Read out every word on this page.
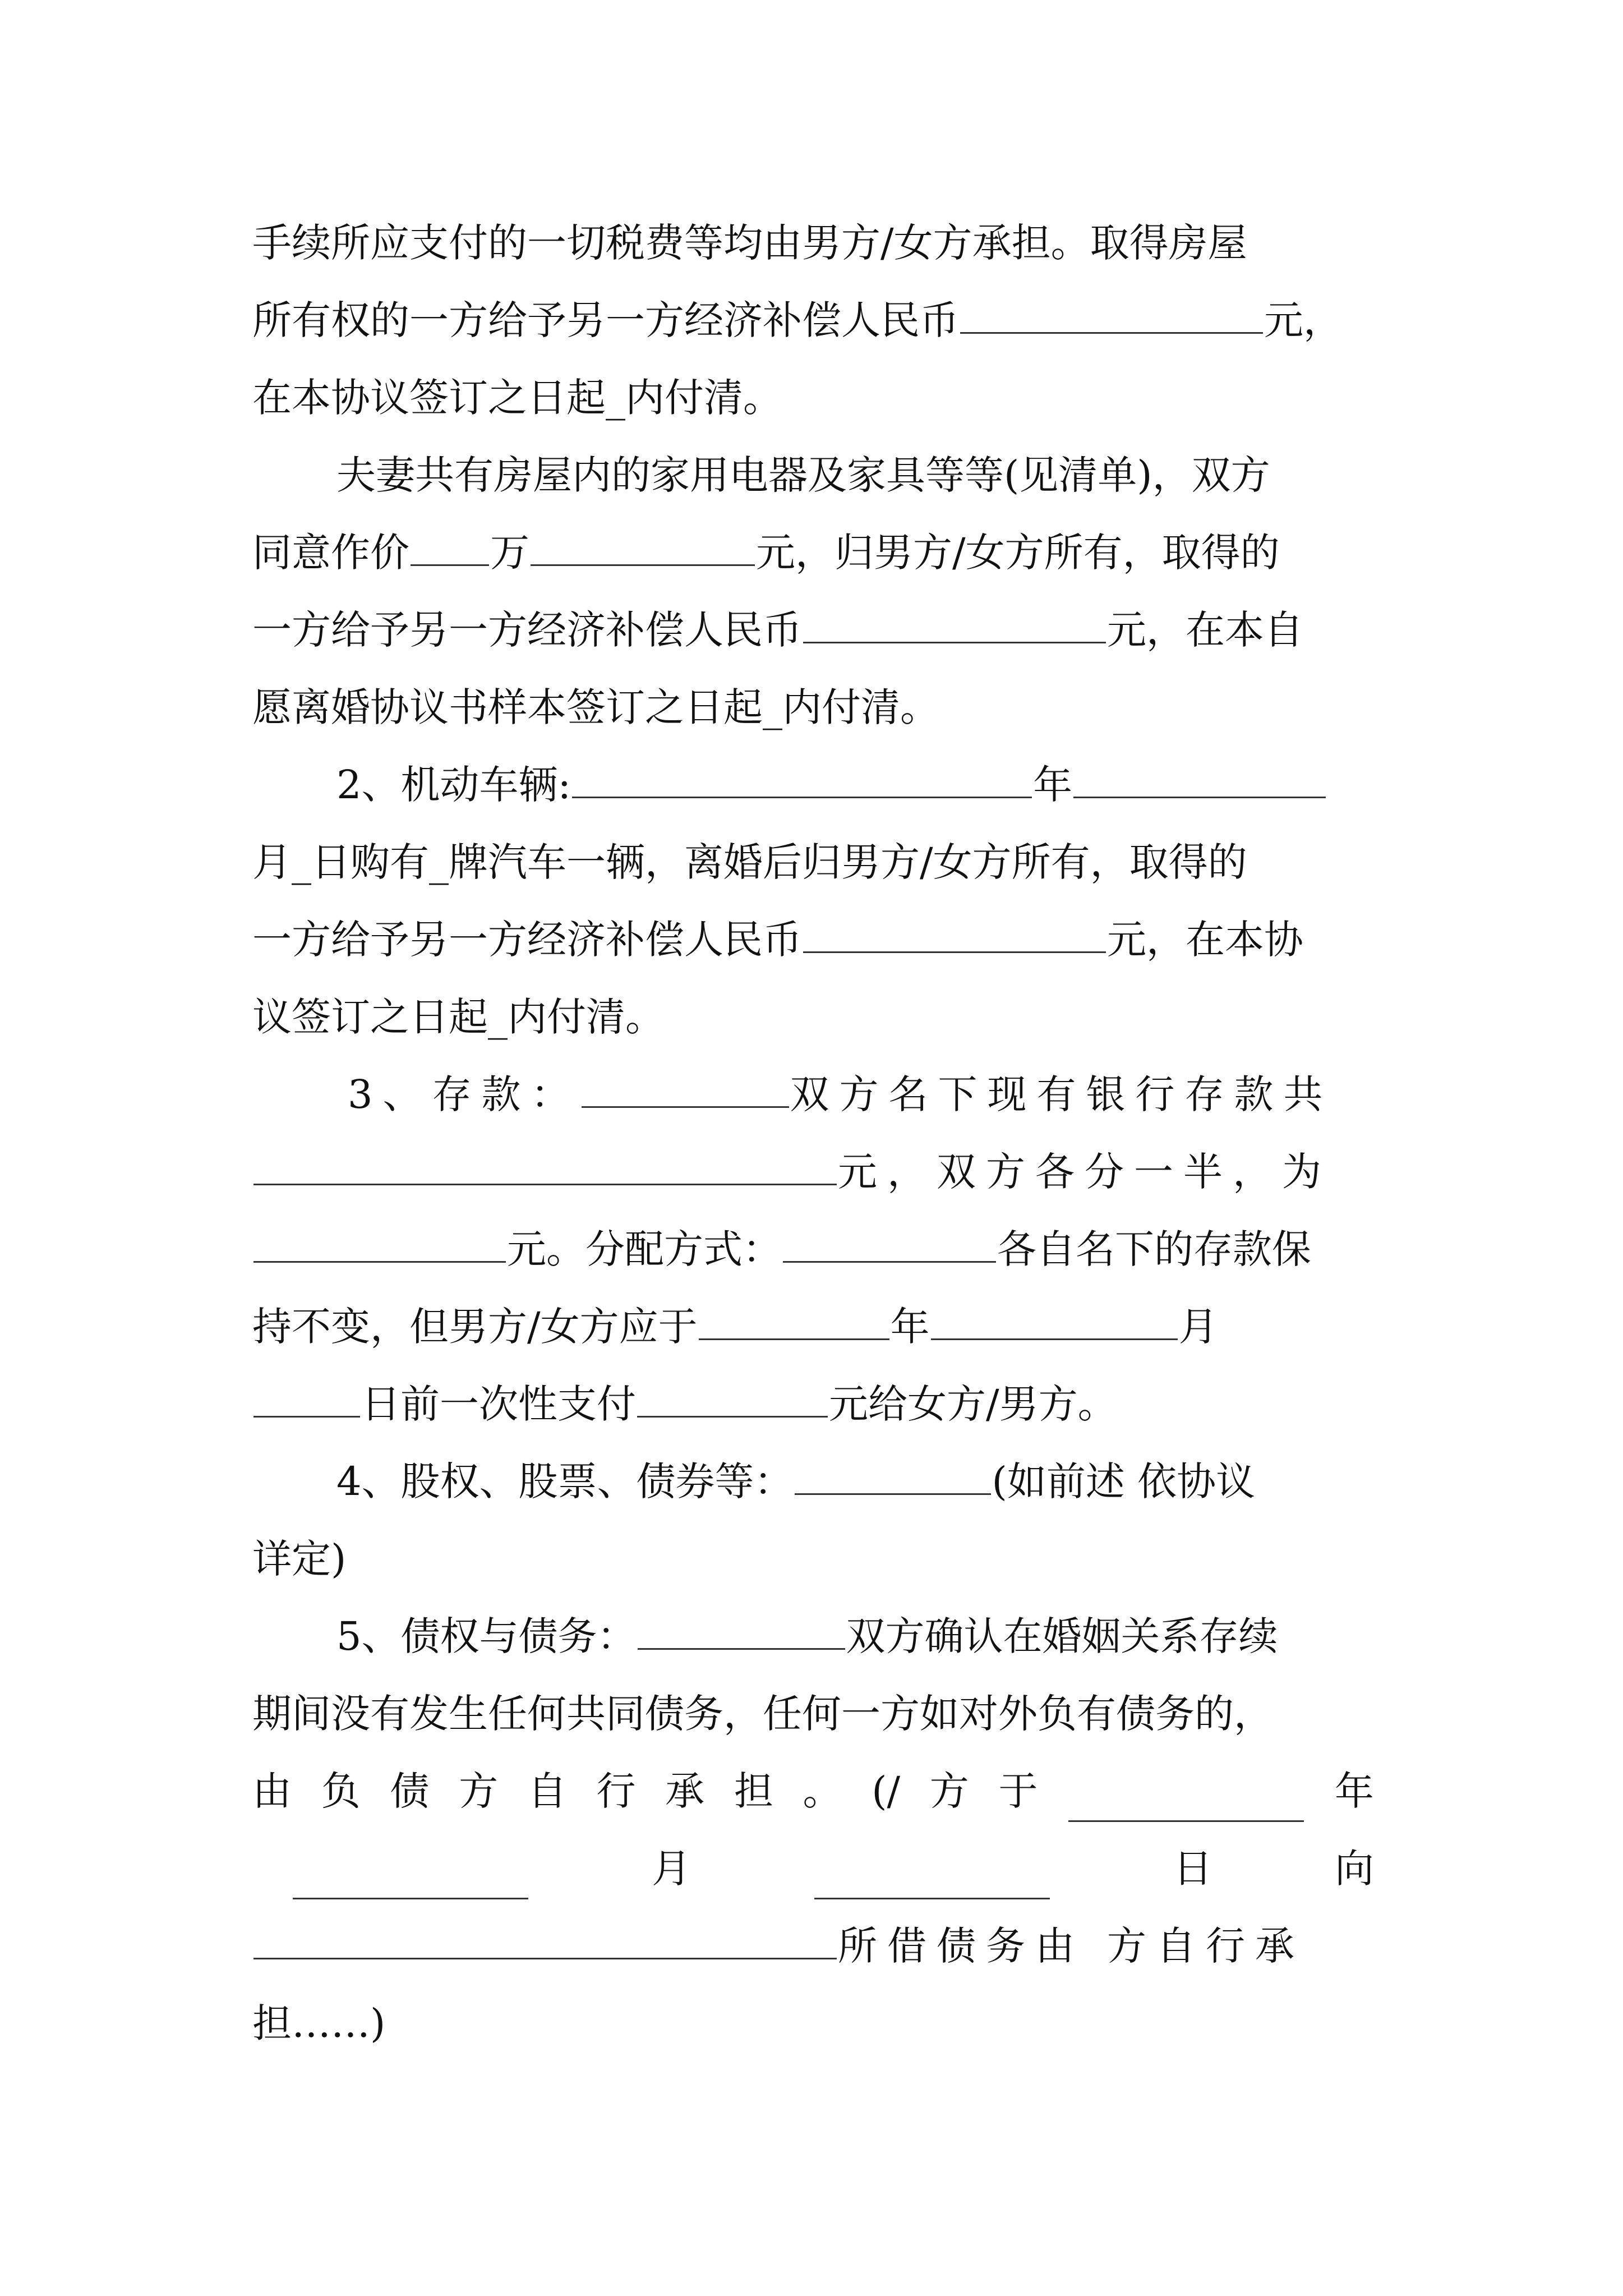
手续所应支付的一切税费等均由男方/女方承担。取得房屋
所有权的一方给予另一方经济补偿人民币	元，
在本协议签订之日起_内付清。
夫妻共有房屋内的家用电器及家具等等(见清单)，双方
同意作价 万	元，归男方/女方所有，取得的
一方给予另一方经济补偿人民币	元，在本自
愿离婚协议书样本签订之日起_内付清。
2、机动车辆:	年
月_日购有_牌汽车一辆，离婚后归男方/女方所有，取得的
一方给予另一方经济补偿人民币	元，在本协
议签订之日起_内付清。
3、存款：	双方名下现有银行存款共
元，双方各分一半，为
元。分配方式：	各自名下的存款保
持不变，但男方/女方应于	年	月
日前一次性支付	元给女方/男方。
4、股权、股票、债券等：	(如前述 依协议
详定)
5、债权与债务：	双方确认在婚姻关系存续
期间没有发生任何共同债务，任何一方如对外负有债务的，
由 负 债 方 自 行 承 担 。 (/ 方 于	年
月	日	向
所借债务由 方自行承
担……)
